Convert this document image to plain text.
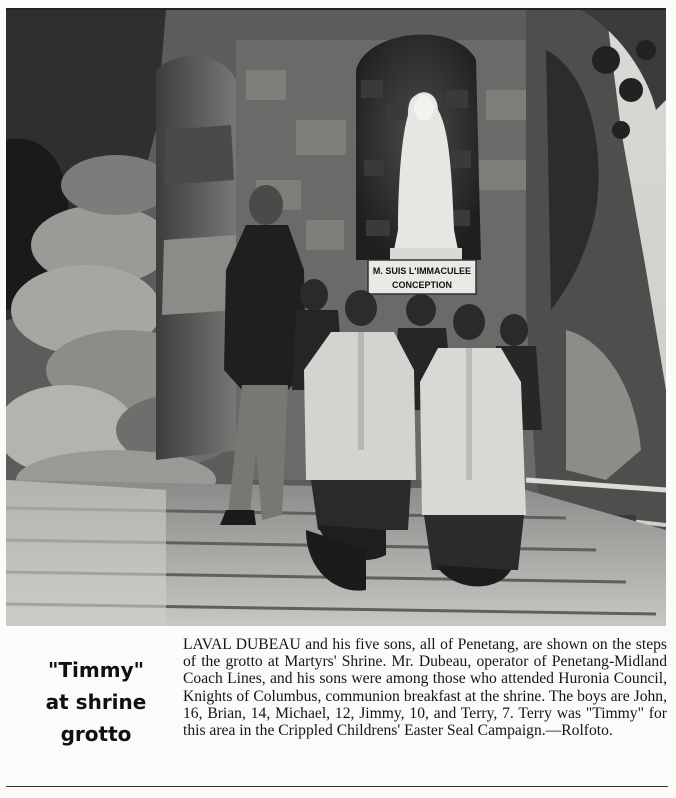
M. SUIS L'IMMACULEE
CONCEPTION
"Timmy"
at shrine
grotto

LAVAL DUBEAU and his five sons, all of Penetang, are shown on the steps of the grotto at Martyrs' Shrine. Mr. Dubeau, operator of Penetang-Midland Coach Lines, and his sons were among those who attended Huronia Council, Knights of Columbus, communion breakfast at the shrine. The boys are John, 16, Brian, 14, Michael, 12, Jimmy, 10, and Terry, 7. Terry was "Timmy" for this area in the Crippled Childrens' Easter Seal Campaign.—Rolfoto.
